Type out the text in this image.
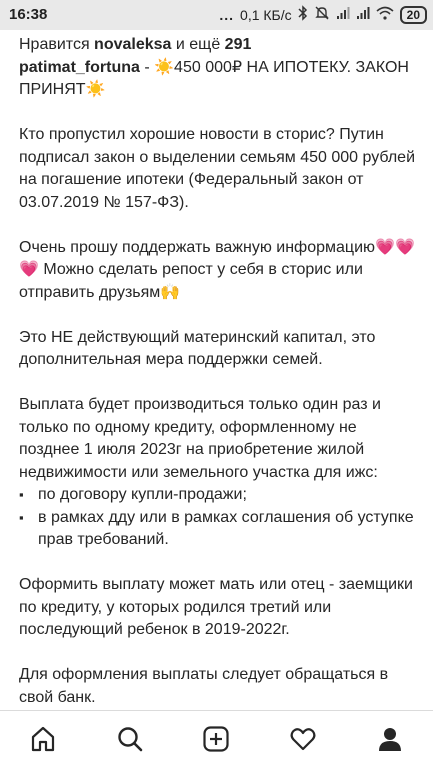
16:38	... 0,1 КБ/с	20

Нравится novaleksa и ещё 291

patimat_fortuna - ☀️450 000₽ НА ИПОТЕКУ. ЗАКОН ПРИНЯТ☀️

Кто пропустил хорошие новости в сторис? Путин подписал закон о выделении семьям 450 000 рублей на погашение ипотеки (Федеральный закон от 03.07.2019 № 157-ФЗ).

Очень прошу поддержать важную информацию💗💗💗 Можно сделать репост у себя в сторис или отправить друзьям🙌

Это НЕ действующий материнский капитал, это дополнительная мера поддержки семей.

Выплата будет производиться только один раз и только по одному кредиту, оформленному не позднее 1 июля 2023г на приобретение жилой недвижимости или земельного участка для ижс:

▪ по договору купли-продажи;
▪ в рамках дду или в рамках соглашения об уступке прав требований.

Оформить выплату может мать или отец - заемщики по кредиту, у которых родился третий или последующий ребенок в 2019-2022г.

Для оформления выплаты следует обращаться в свой банк.
